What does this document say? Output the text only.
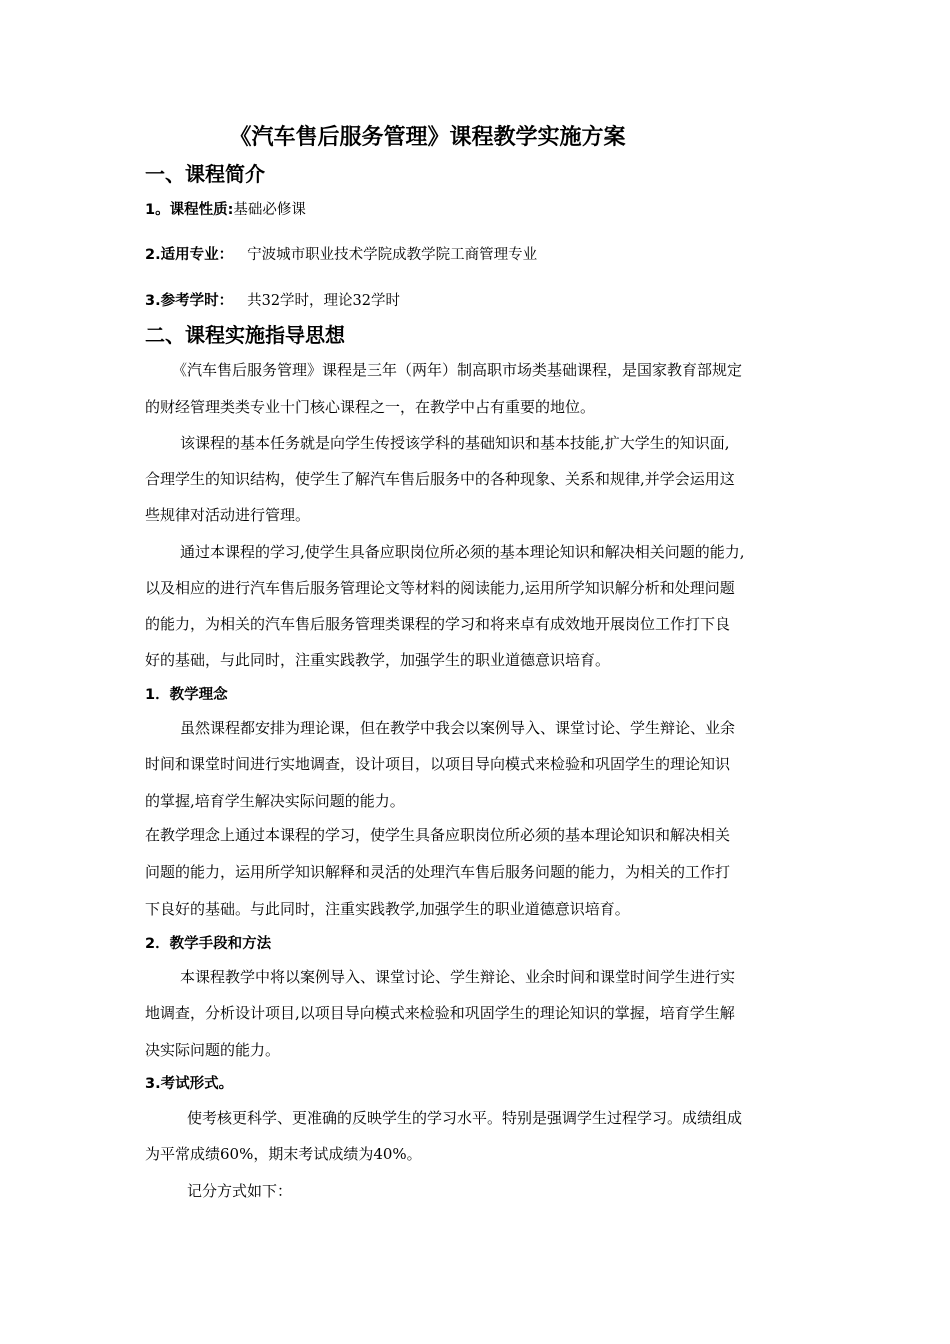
《汽车售后服务管理》课程教学实施方案
一、课程简介
1。课程性质:基础必修课
2.适用专业： 宁波城市职业技术学院成教学院工商管理专业
3.参考学时： 共32学时，理论32学时
二、课程实施指导思想
《汽车售后服务管理》课程是三年（两年）制高职市场类基础课程，是国家教育部规定
的财经管理类类专业十门核心课程之一，在教学中占有重要的地位。
该课程的基本任务就是向学生传授该学科的基础知识和基本技能,扩大学生的知识面,
合理学生的知识结构，使学生了解汽车售后服务中的各种现象、关系和规律,并学会运用这
些规律对活动进行管理。
通过本课程的学习,使学生具备应职岗位所必须的基本理论知识和解决相关问题的能力,
以及相应的进行汽车售后服务管理论文等材料的阅读能力,运用所学知识解分析和处理问题
的能力，为相关的汽车售后服务管理类课程的学习和将来卓有成效地开展岗位工作打下良
好的基础，与此同时，注重实践教学，加强学生的职业道德意识培育。
1．教学理念
虽然课程都安排为理论课，但在教学中我会以案例导入、课堂讨论、学生辩论、业余
时间和课堂时间进行实地调查，设计项目，以项目导向模式来检验和巩固学生的理论知识
的掌握,培育学生解决实际问题的能力。
在教学理念上通过本课程的学习，使学生具备应职岗位所必须的基本理论知识和解决相关
问题的能力，运用所学知识解释和灵活的处理汽车售后服务问题的能力，为相关的工作打
下良好的基础。与此同时，注重实践教学,加强学生的职业道德意识培育。
2．教学手段和方法
本课程教学中将以案例导入、课堂讨论、学生辩论、业余时间和课堂时间学生进行实
地调查，分析设计项目,以项目导向模式来检验和巩固学生的理论知识的掌握，培育学生解
决实际问题的能力。
3.考试形式。
使考核更科学、更准确的反映学生的学习水平。特别是强调学生过程学习。成绩组成
为平常成绩60%，期末考试成绩为40%。
记分方式如下：
